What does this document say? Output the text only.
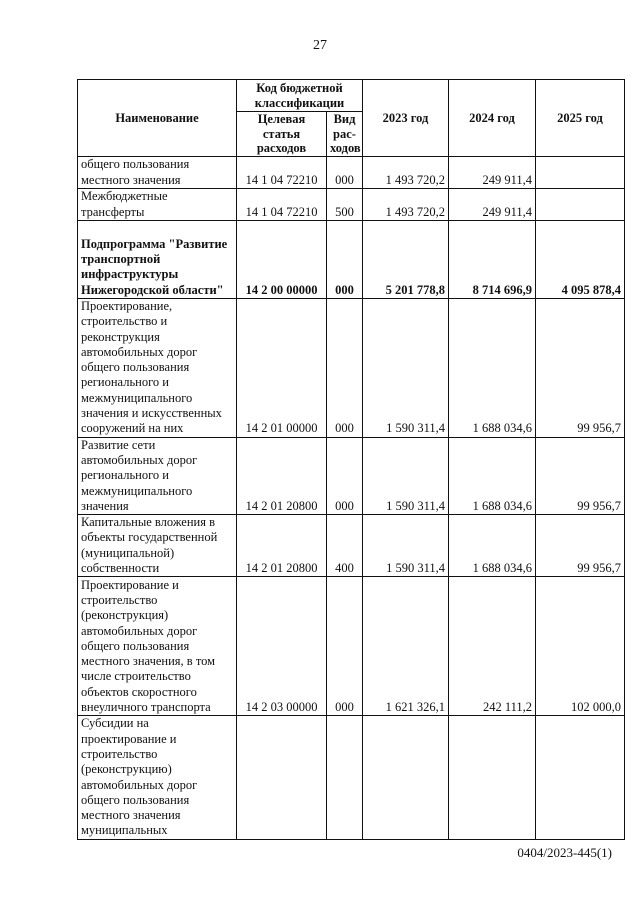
27
Наименование	Код бюджетной классификации		2023 год	2024 год	2025 год
	Целевая статья расходов	Вид рас-ходов			
общего пользования местного значения	14 1 04 72210	000	1 493 720,2	249 911,4	
Межбюджетные трансферты	14 1 04 72210	500	1 493 720,2	249 911,4	
Подпрограмма "Развитие транспортной инфраструктуры Нижегородской области"	14 2 00 00000	000	5 201 778,8	8 714 696,9	4 095 878,4
Проектирование, строительство и реконструкция автомобильных дорог общего пользования регионального и межмуниципального значения и искусственных сооружений на них	14 2 01 00000	000	1 590 311,4	1 688 034,6	99 956,7
Развитие сети автомобильных дорог регионального и межмуниципального значения	14 2 01 20800	000	1 590 311,4	1 688 034,6	99 956,7
Капитальные вложения в объекты государственной (муниципальной) собственности	14 2 01 20800	400	1 590 311,4	1 688 034,6	99 956,7
Проектирование и строительство (реконструкция) автомобильных дорог общего пользования местного значения, в том числе строительство объектов скоростного внеуличного транспорта	14 2 03 00000	000	1 621 326,1	242 111,2	102 000,0
Субсидии на проектирование и строительство (реконструкцию) автомобильных дорог общего пользования местного значения муниципальных					
0404/2023-445(1)
